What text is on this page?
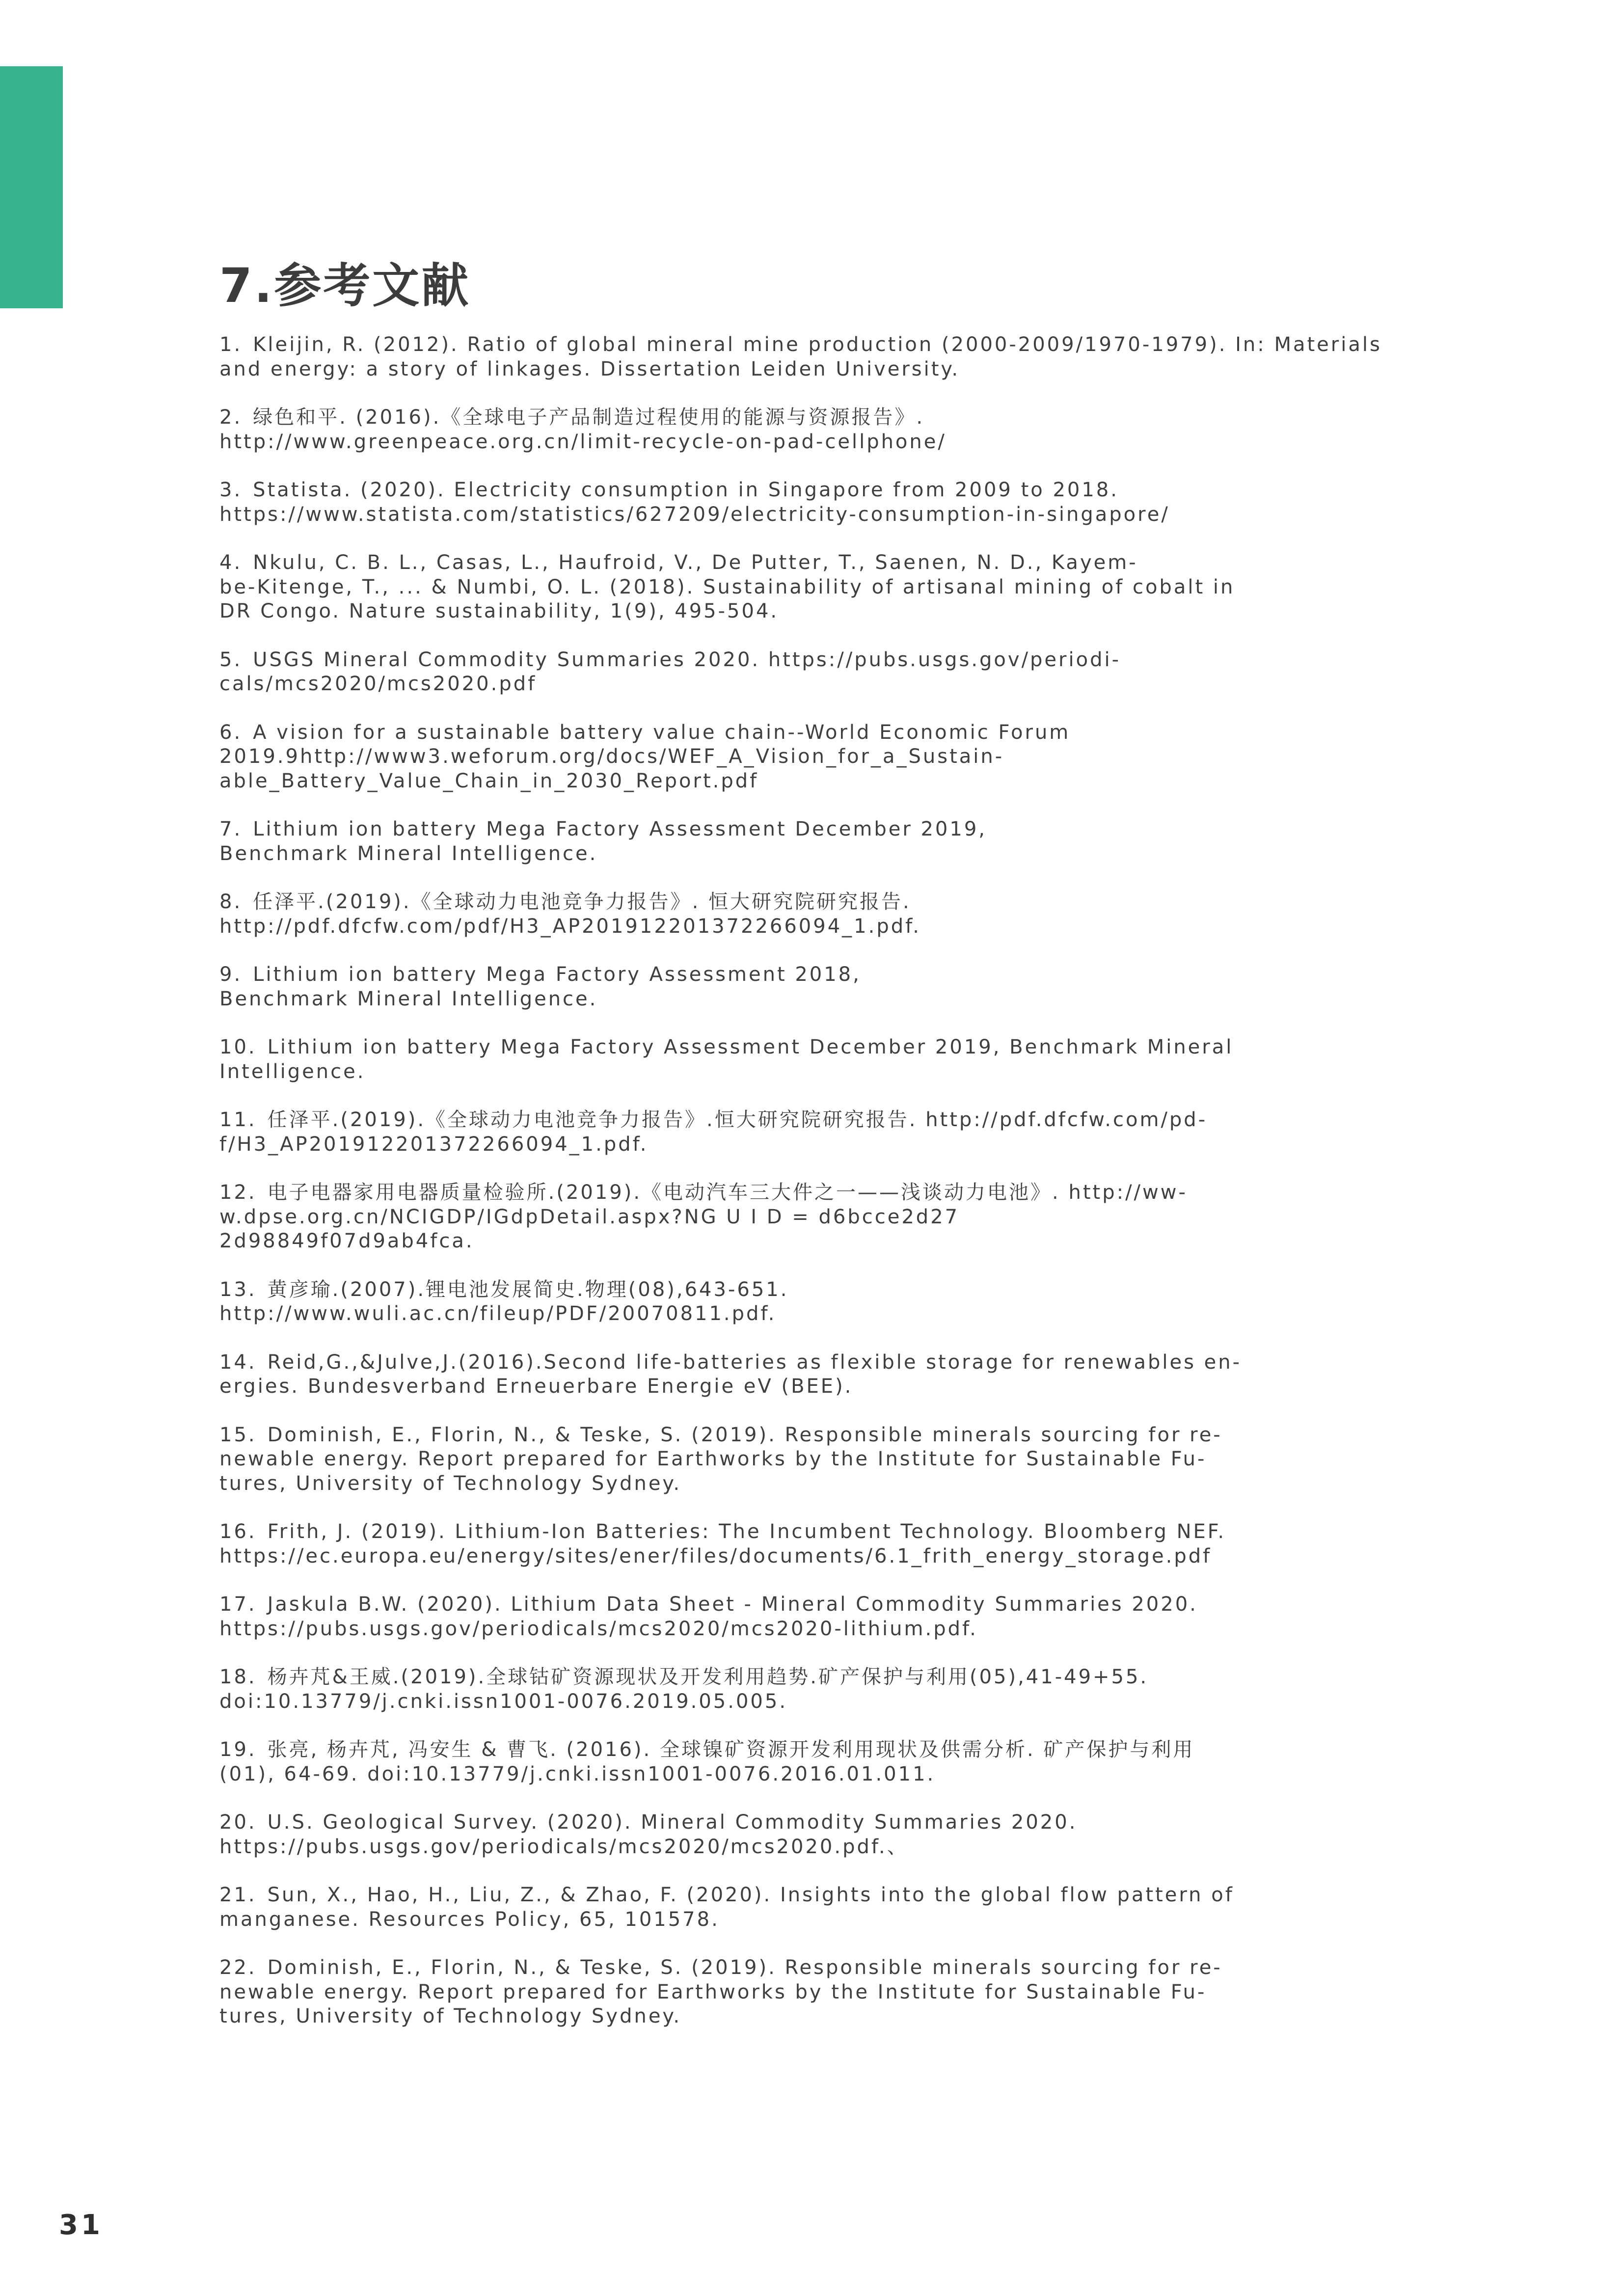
7.参考文献
1. Kleijin, R. (2012). Ratio of global mineral mine production (2000-2009/1970-1979). In: Materials
and energy: a story of linkages. Dissertation Leiden University.
2. 绿色和平. (2016).《全球电子产品制造过程使用的能源与资源报告》.
http://www.greenpeace.org.cn/limit-recycle-on-pad-cellphone/
3. Statista. (2020). Electricity consumption in Singapore from 2009 to 2018.
https://www.statista.com/statistics/627209/electricity-consumption-in-singapore/
4. Nkulu, C. B. L., Casas, L., Haufroid, V., De Putter, T., Saenen, N. D., Kayem-
be-Kitenge, T., ... & Numbi, O. L. (2018). Sustainability of artisanal mining of cobalt in
DR Congo. Nature sustainability, 1(9), 495-504.
5. USGS Mineral Commodity Summaries 2020. https://pubs.usgs.gov/periodi-
cals/mcs2020/mcs2020.pdf
6. A vision for a sustainable battery value chain--World Economic Forum
2019.9http://www3.weforum.org/docs/WEF_A_Vision_for_a_Sustain-
able_Battery_Value_Chain_in_2030_Report.pdf
7. Lithium ion battery Mega Factory Assessment December 2019,
Benchmark Mineral Intelligence.
8. 任泽平.(2019).《全球动力电池竞争力报告》. 恒大研究院研究报告.
http://pdf.dfcfw.com/pdf/H3_AP201912201372266094_1.pdf.
9. Lithium ion battery Mega Factory Assessment 2018,
Benchmark Mineral Intelligence.
10. Lithium ion battery Mega Factory Assessment December 2019, Benchmark Mineral
Intelligence.
11. 任泽平.(2019).《全球动力电池竞争力报告》.恒大研究院研究报告. http://pdf.dfcfw.com/pd-
f/H3_AP201912201372266094_1.pdf.
12. 电子电器家用电器质量检验所.(2019).《电动汽车三大件之一——浅谈动力电池》. http://ww-
w.dpse.org.cn/NCIGDP/IGdpDetail.aspx?NG U I D = d6bcce2d27
2d98849f07d9ab4fca.
13. 黄彦瑜.(2007).锂电池发展简史.物理(08),643-651.
http://www.wuli.ac.cn/fileup/PDF/20070811.pdf.
14. Reid,G.,&Julve,J.(2016).Second life-batteries as flexible storage for renewables en-
ergies. Bundesverband Erneuerbare Energie eV (BEE).
15. Dominish, E., Florin, N., & Teske, S. (2019). Responsible minerals sourcing for re-
newable energy. Report prepared for Earthworks by the Institute for Sustainable Fu-
tures, University of Technology Sydney.
16. Frith, J. (2019). Lithium-Ion Batteries: The Incumbent Technology. Bloomberg NEF.
https://ec.europa.eu/energy/sites/ener/files/documents/6.1_frith_energy_storage.pdf
17. Jaskula B.W. (2020). Lithium Data Sheet - Mineral Commodity Summaries 2020.
https://pubs.usgs.gov/periodicals/mcs2020/mcs2020-lithium.pdf.
18. 杨卉芃&王威.(2019).全球钴矿资源现状及开发利用趋势.矿产保护与利用(05),41-49+55.
doi:10.13779/j.cnki.issn1001-0076.2019.05.005.
19. 张亮, 杨卉芃, 冯安生 & 曹飞. (2016). 全球镍矿资源开发利用现状及供需分析. 矿产保护与利用
(01), 64-69. doi:10.13779/j.cnki.issn1001-0076.2016.01.011.
20. U.S. Geological Survey. (2020). Mineral Commodity Summaries 2020.
https://pubs.usgs.gov/periodicals/mcs2020/mcs2020.pdf.、
21. Sun, X., Hao, H., Liu, Z., & Zhao, F. (2020). Insights into the global flow pattern of
manganese. Resources Policy, 65, 101578.
22. Dominish, E., Florin, N., & Teske, S. (2019). Responsible minerals sourcing for re-
newable energy. Report prepared for Earthworks by the Institute for Sustainable Fu-
tures, University of Technology Sydney.
31
